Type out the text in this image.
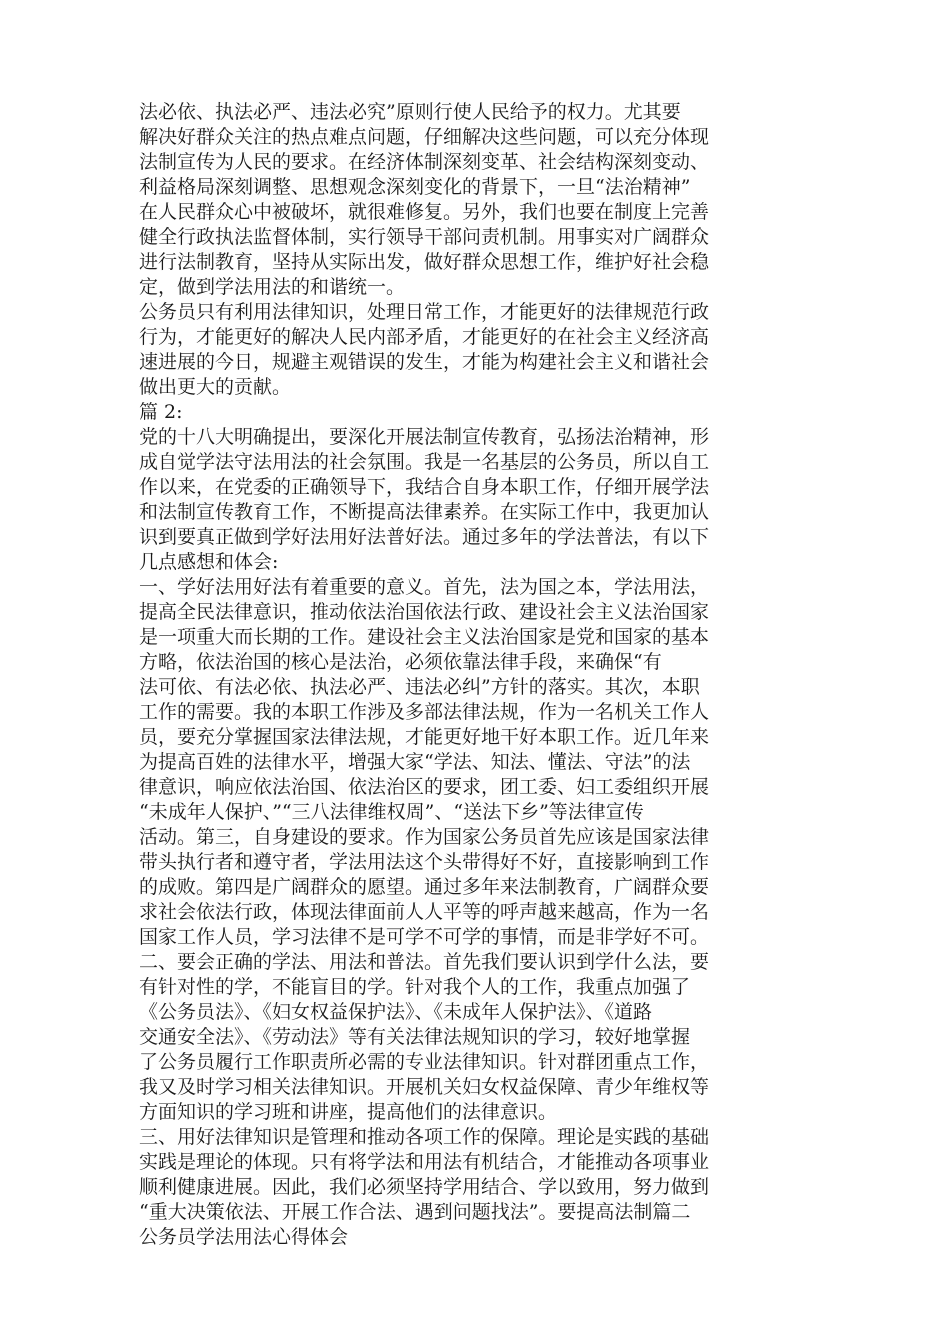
法必依、执法必严、违法必究”原则行使人民给予的权力。尤其要
解决好群众关注的热点难点问题，仔细解决这些问题，可以充分体现
法制宣传为人民的要求。在经济体制深刻变革、社会结构深刻变动、
利益格局深刻调整、思想观念深刻变化的背景下，一旦“法治精神”
在人民群众心中被破坏，就很难修复。另外，我们也要在制度上完善
健全行政执法监督体制，实行领导干部问责机制。用事实对广阔群众
进行法制教育，坚持从实际出发，做好群众思想工作，维护好社会稳
定，做到学法用法的和谐统一。
公务员只有利用法律知识，处理日常工作，才能更好的法律规范行政
行为，才能更好的解决人民内部矛盾，才能更好的在社会主义经济高
速进展的今日，规避主观错误的发生，才能为构建社会主义和谐社会
做出更大的贡献。
篇 2:
党的十八大明确提出，要深化开展法制宣传教育，弘扬法治精神，形
成自觉学法守法用法的社会氛围。我是一名基层的公务员，所以自工
作以来，在党委的正确领导下，我结合自身本职工作，仔细开展学法
和法制宣传教育工作，不断提高法律素养。在实际工作中，我更加认
识到要真正做到学好法用好法普好法。通过多年的学法普法，有以下
几点感想和体会:
一、学好法用好法有着重要的意义。首先，法为国之本，学法用法，
提高全民法律意识，推动依法治国依法行政、建设社会主义法治国家
是一项重大而长期的工作。建设社会主义法治国家是党和国家的基本
方略，依法治国的核心是法治，必须依靠法律手段，来确保“有
法可依、有法必依、执法必严、违法必纠”方针的落实。其次，本职
工作的需要。我的本职工作涉及多部法律法规，作为一名机关工作人
员，要充分掌握国家法律法规，才能更好地干好本职工作。近几年来
为提高百姓的法律水平，增强大家“学法、知法、懂法、守法”的法
律意识，响应依法治国、依法治区的要求，团工委、妇工委组织开展
“未成年人保护、”“三八法律维权周”、“送法下乡”等法律宣传
活动。第三，自身建设的要求。作为国家公务员首先应该是国家法律
带头执行者和遵守者，学法用法这个头带得好不好，直接影响到工作
的成败。第四是广阔群众的愿望。通过多年来法制教育，广阔群众要
求社会依法行政，体现法律面前人人平等的呼声越来越高，作为一名
国家工作人员，学习法律不是可学不可学的事情，而是非学好不可。
二、要会正确的学法、用法和普法。首先我们要认识到学什么法，要
有针对性的学，不能盲目的学。针对我个人的工作，我重点加强了
《公务员法》、《妇女权益保护法》、《未成年人保护法》、《道路
交通安全法》、《劳动法》等有关法律法规知识的学习，较好地掌握
了公务员履行工作职责所必需的专业法律知识。针对群团重点工作，
我又及时学习相关法律知识。开展机关妇女权益保障、青少年维权等
方面知识的学习班和讲座，提高他们的法律意识。
三、用好法律知识是管理和推动各项工作的保障。理论是实践的基础
实践是理论的体现。只有将学法和用法有机结合，才能推动各项事业
顺利健康进展。因此，我们必须坚持学用结合、学以致用，努力做到
“重大决策依法、开展工作合法、遇到问题找法”。要提高法制篇二
公务员学法用法心得体会
